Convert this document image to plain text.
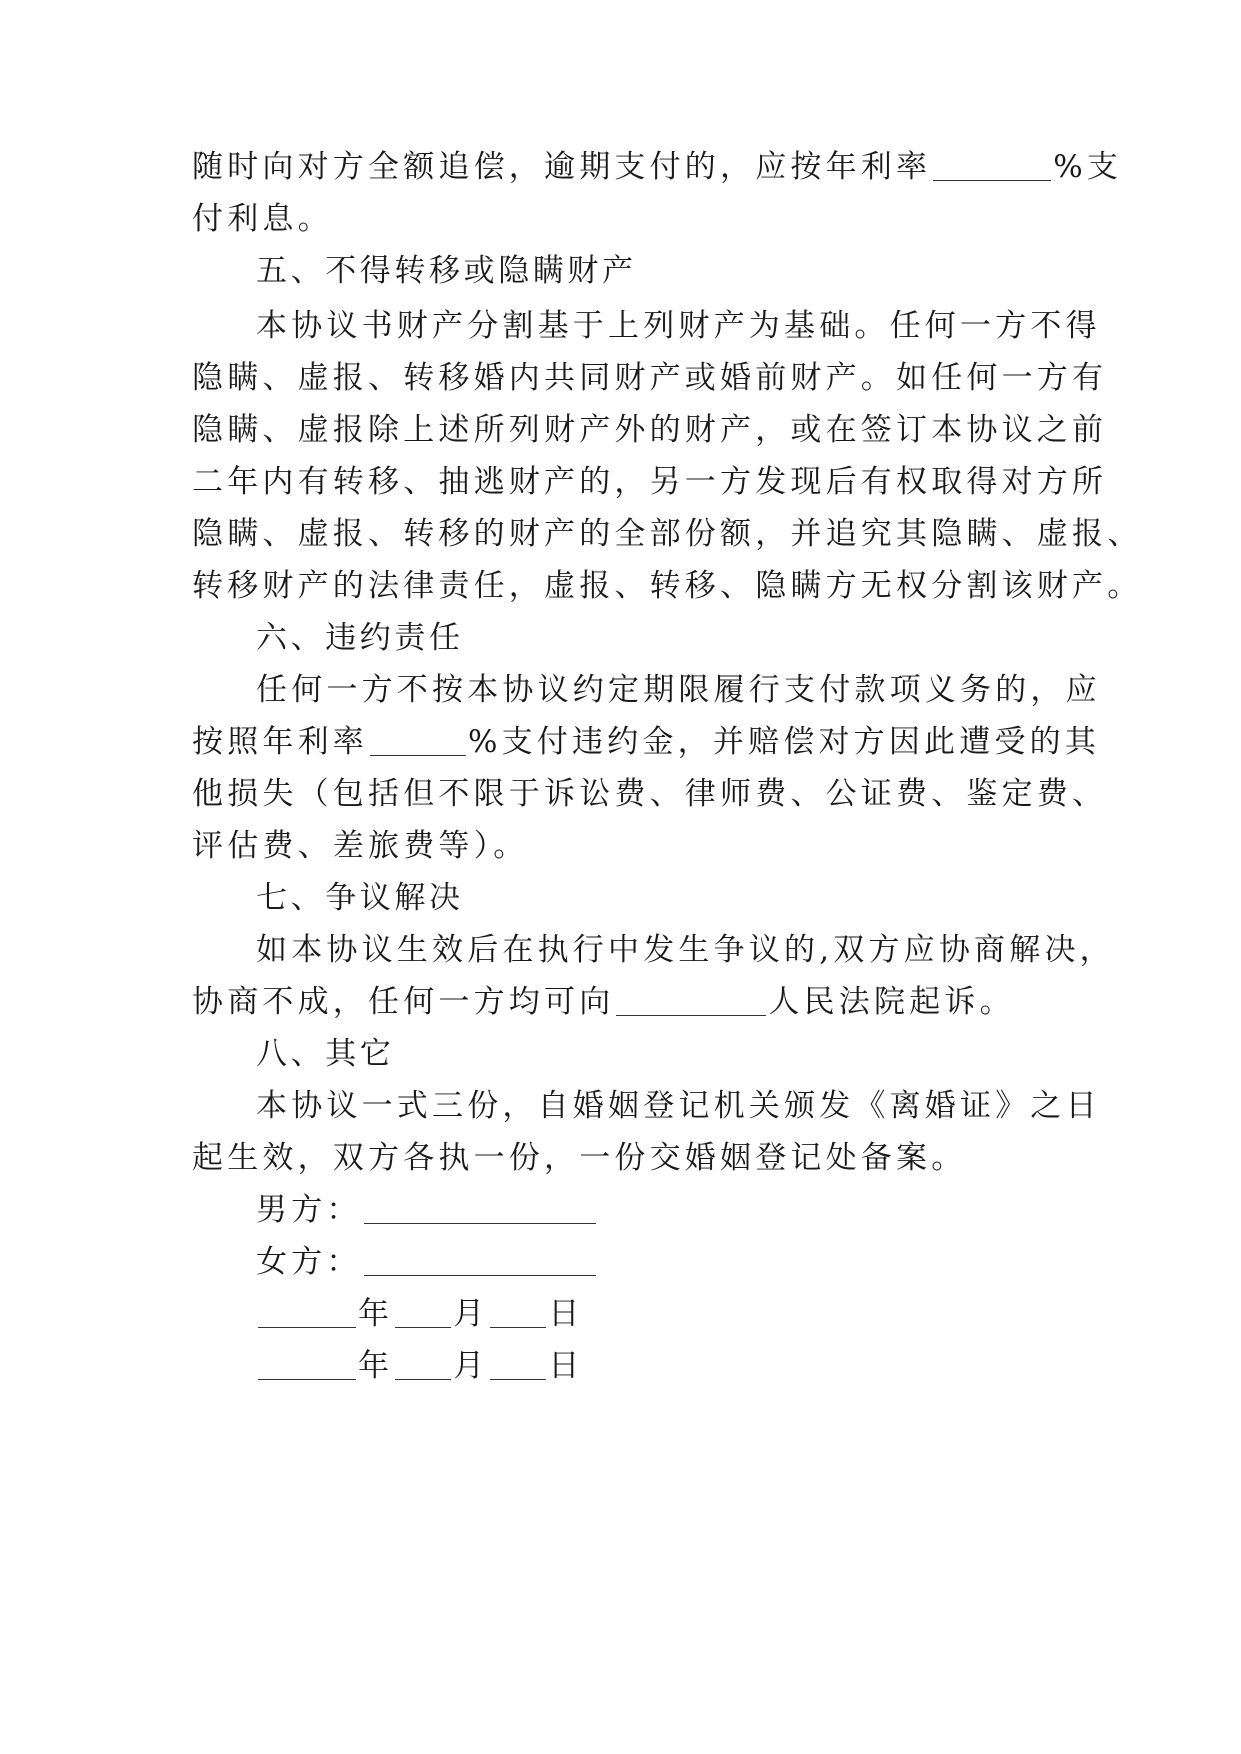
随时向对方全额追偿，逾期支付的，应按年利率	%支
付利息。
五、不得转移或隐瞒财产
本协议书财产分割基于上列财产为基础。任何一方不得
隐瞒、虚报、转移婚内共同财产或婚前财产。如任何一方有
隐瞒、虚报除上述所列财产外的财产，或在签订本协议之前
二年内有转移、抽逃财产的，另一方发现后有权取得对方所
隐瞒、虚报、转移的财产的全部份额，并追究其隐瞒、虚报、
转移财产的法律责任，虚报、转移、隐瞒方无权分割该财产。
六、违约责任
任何一方不按本协议约定期限履行支付款项义务的，应
按照年利率	%支付违约金，并赔偿对方因此遭受的其
他损失（包括但不限于诉讼费、律师费、公证费、鉴定费、
评估费、差旅费等）。
七、争议解决
如本协议生效后在执行中发生争议的,双方应协商解决，
协商不成，任何一方均可向	人民法院起诉。
八、其它
本协议一式三份，自婚姻登记机关颁发《离婚证》之日
起生效，双方各执一份，一份交婚姻登记处备案。
男方：
女方：
年 月 日
年 月 日
